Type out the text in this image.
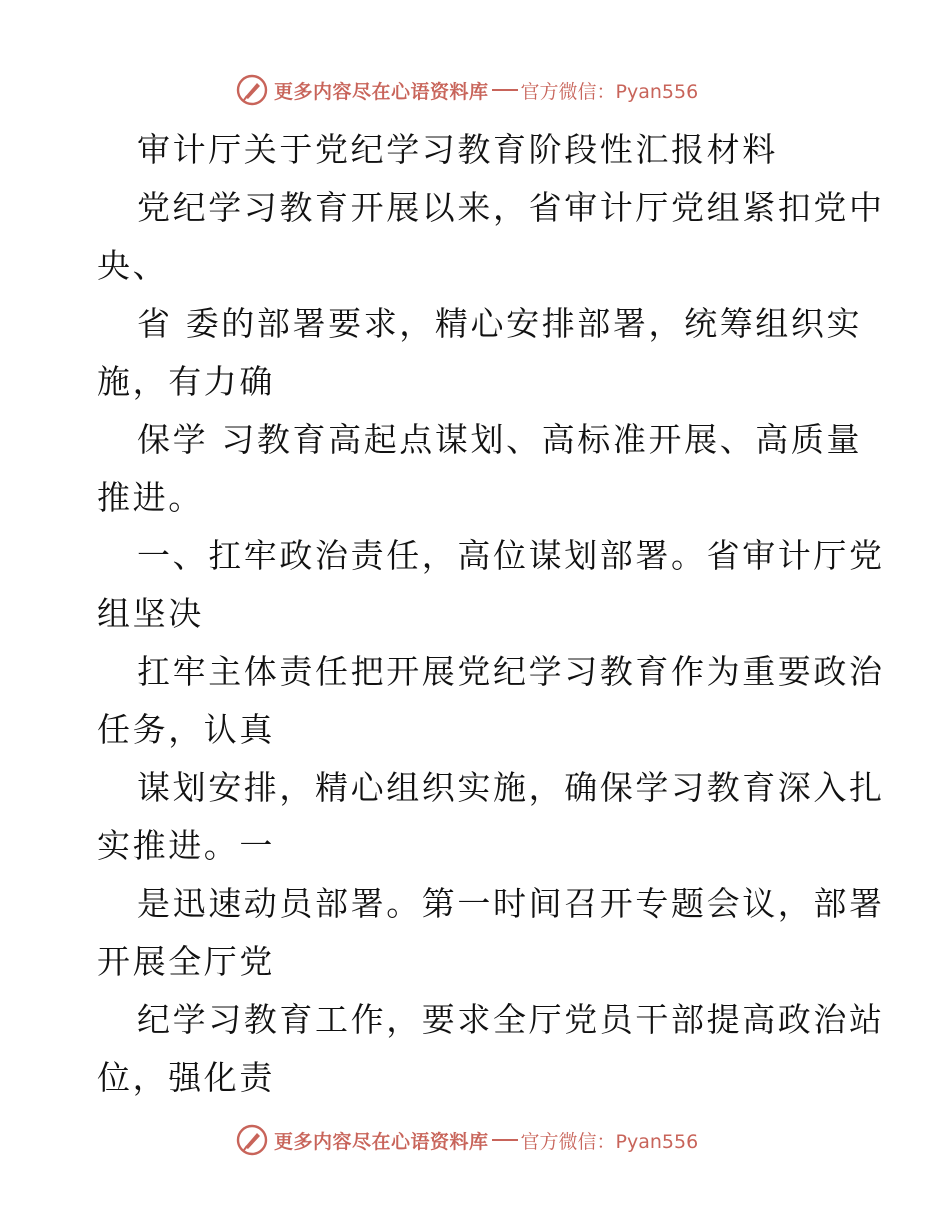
更多内容尽在心语资料库 官方微信：Pyan556
审计厅关于党纪学习教育阶段性汇报材料
党纪学习教育开展以来，省审计厅党组紧扣党中
央、
省 委的部署要求，精心安排部署，统筹组织实
施，有力确
保学 习教育高起点谋划、高标准开展、高质量
推进。
一、扛牢政治责任，高位谋划部署。省审计厅党
组坚决
扛牢主体责任把开展党纪学习教育作为重要政治
任务，认真
谋划安排，精心组织实施，确保学习教育深入扎
实推进。一
是迅速动员部署。第一时间召开专题会议，部署
开展全厅党
纪学习教育工作，要求全厅党员干部提高政治站
位，强化责
更多内容尽在心语资料库 官方微信：Pyan556
